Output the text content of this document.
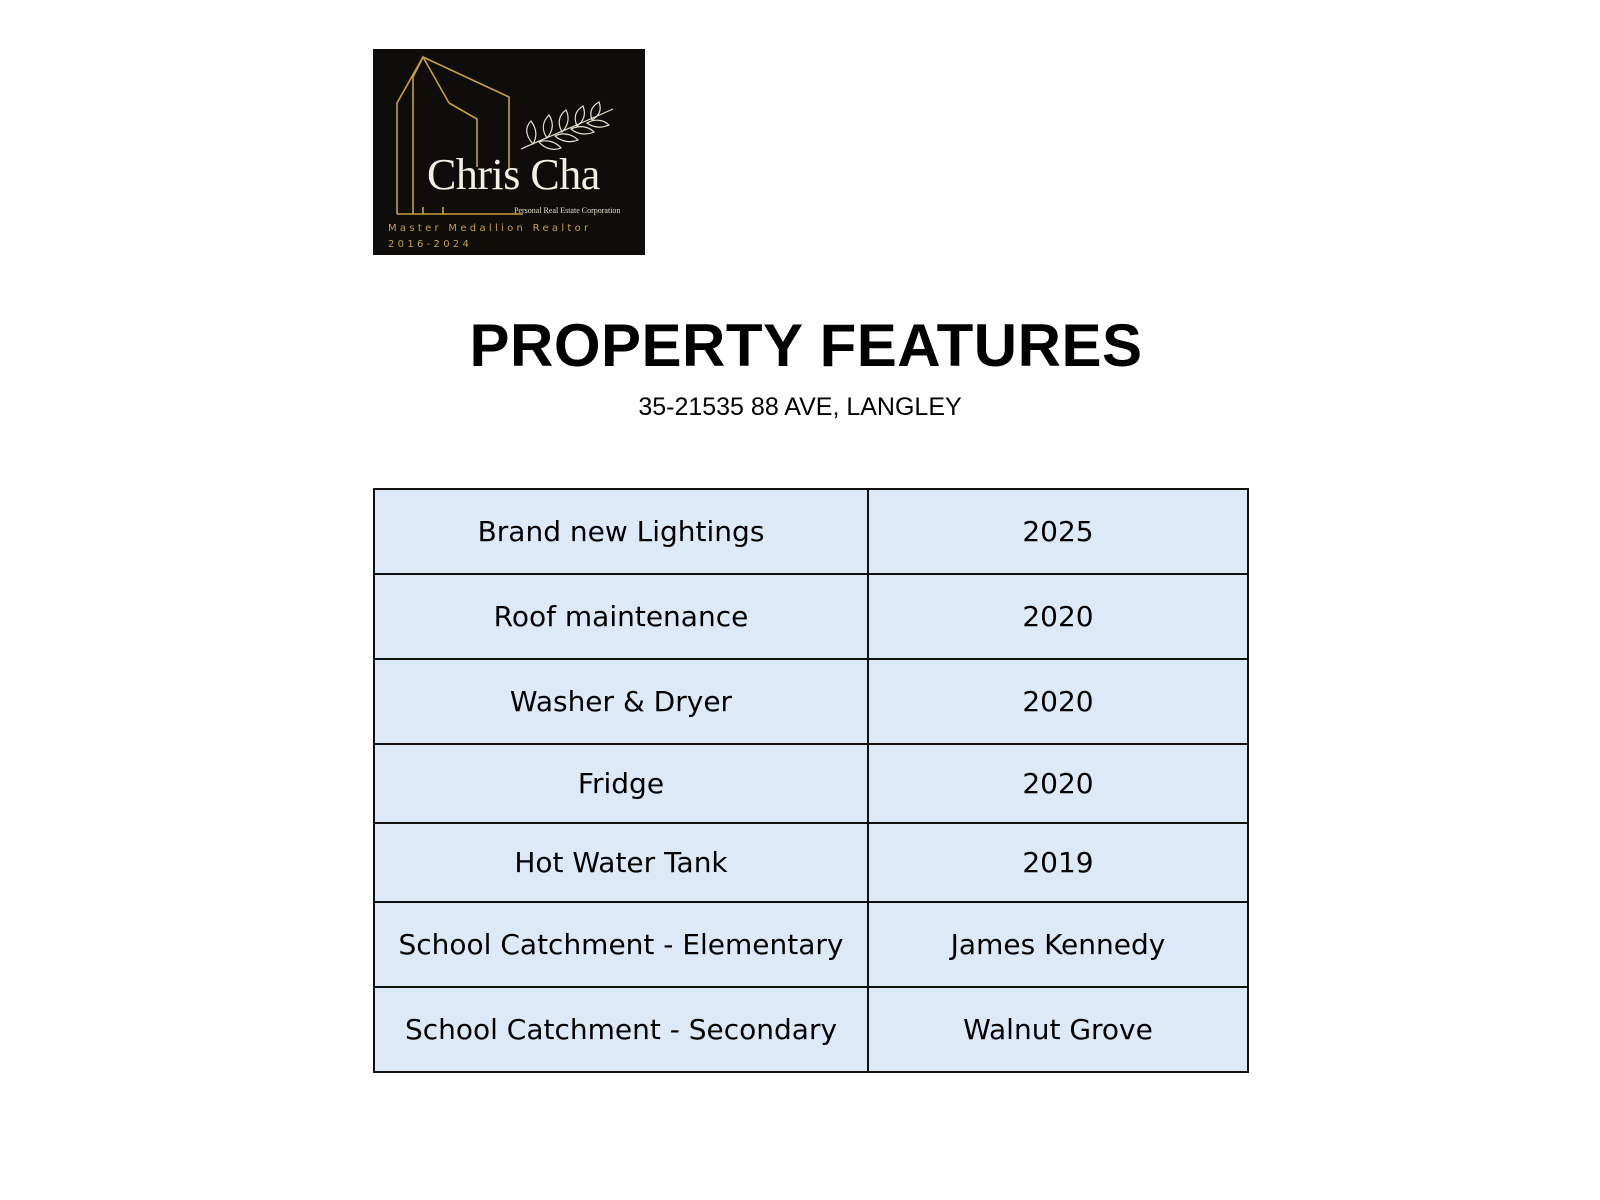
Chris Cha
Personal Real Estate Corporation
Master Medallion Realtor
2016-2024
PROPERTY FEATURES

35-21535 88 AVE, LANGLEY

Brand new Lightings	2025
Roof maintenance	2020
Washer & Dryer	2020
Fridge	2020
Hot Water Tank	2019
School Catchment - Elementary	James Kennedy
School Catchment - Secondary	Walnut Grove
